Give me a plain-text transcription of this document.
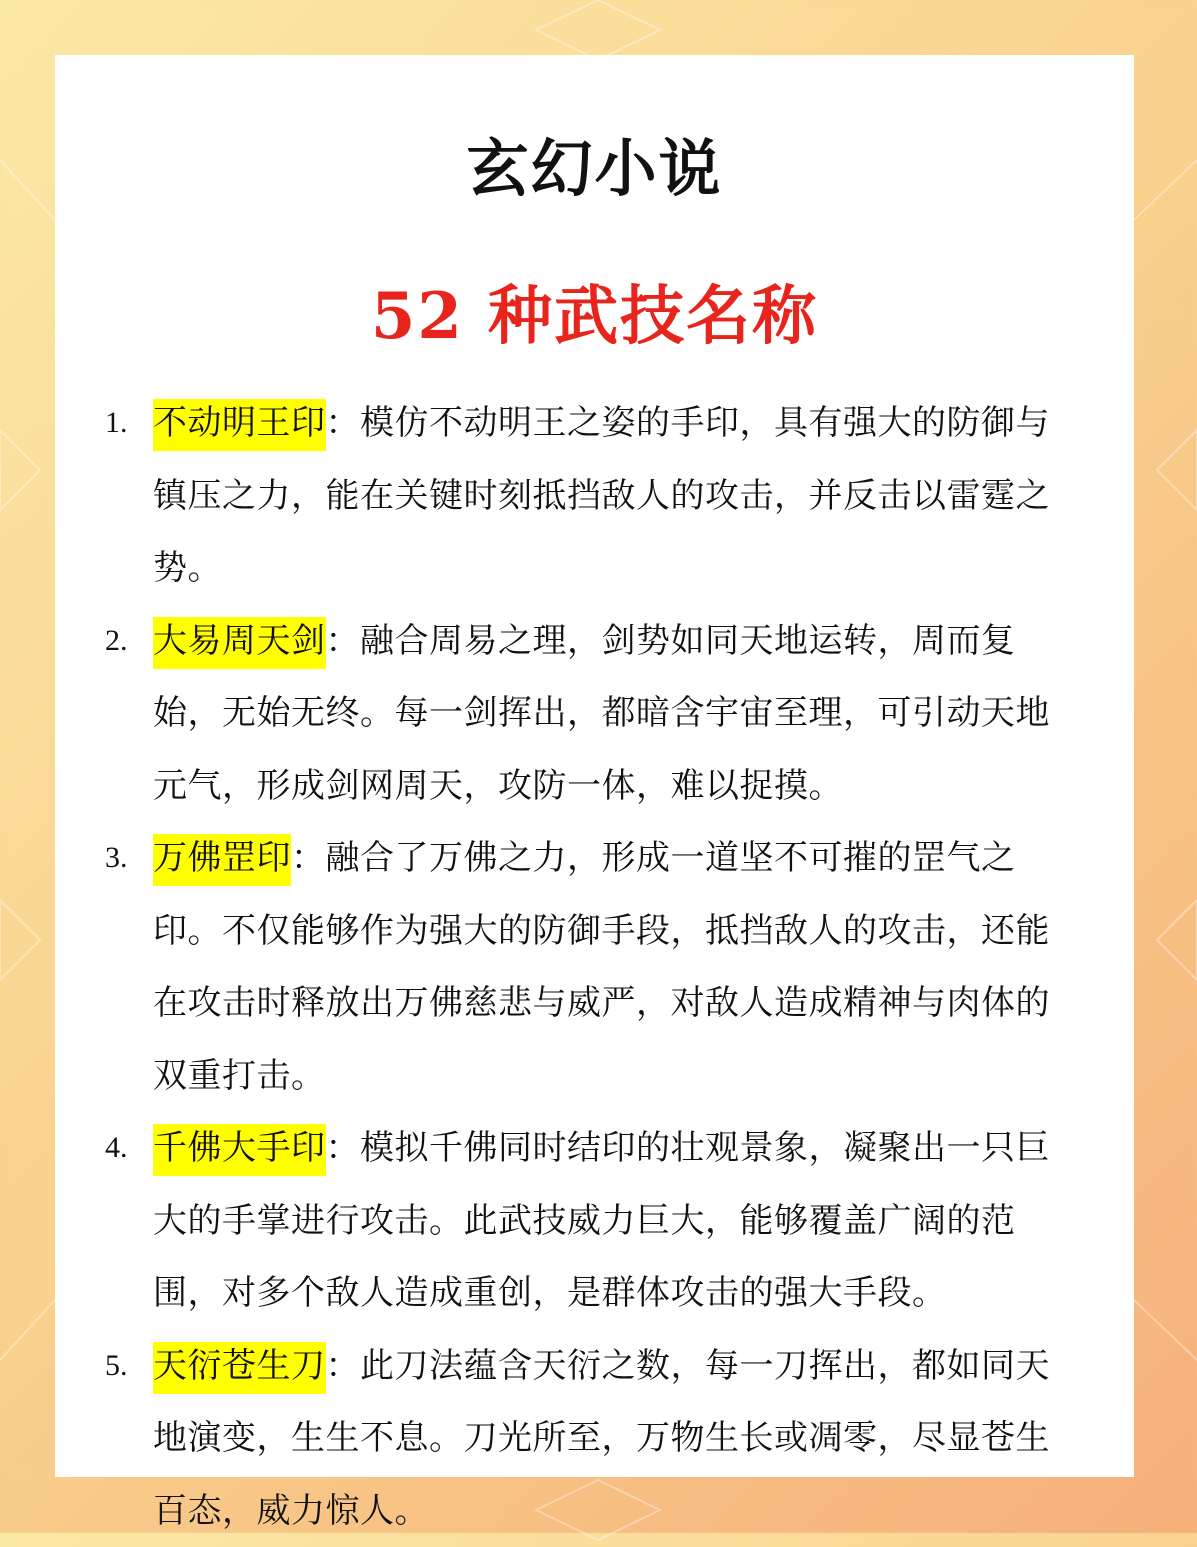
玄幻小说
52 种武技名称
1. 不动明王印：模仿不动明王之姿的手印，具有强大的防御与镇压之力，能在关键时刻抵挡敌人的攻击，并反击以雷霆之势。
2. 大易周天剑：融合周易之理，剑势如同天地运转，周而复始，无始无终。每一剑挥出，都暗含宇宙至理，可引动天地元气，形成剑网周天，攻防一体，难以捉摸。
3. 万佛罡印：融合了万佛之力，形成一道坚不可摧的罡气之印。不仅能够作为强大的防御手段，抵挡敌人的攻击，还能在攻击时释放出万佛慈悲与威严，对敌人造成精神与肉体的双重打击。
4. 千佛大手印：模拟千佛同时结印的壮观景象，凝聚出一只巨大的手掌进行攻击。此武技威力巨大，能够覆盖广阔的范围，对多个敌人造成重创，是群体攻击的强大手段。
5. 天衍苍生刀：此刀法蕴含天衍之数，每一刀挥出，都如同天地演变，生生不息。刀光所至，万物生长或凋零，尽显苍生百态，威力惊人。
